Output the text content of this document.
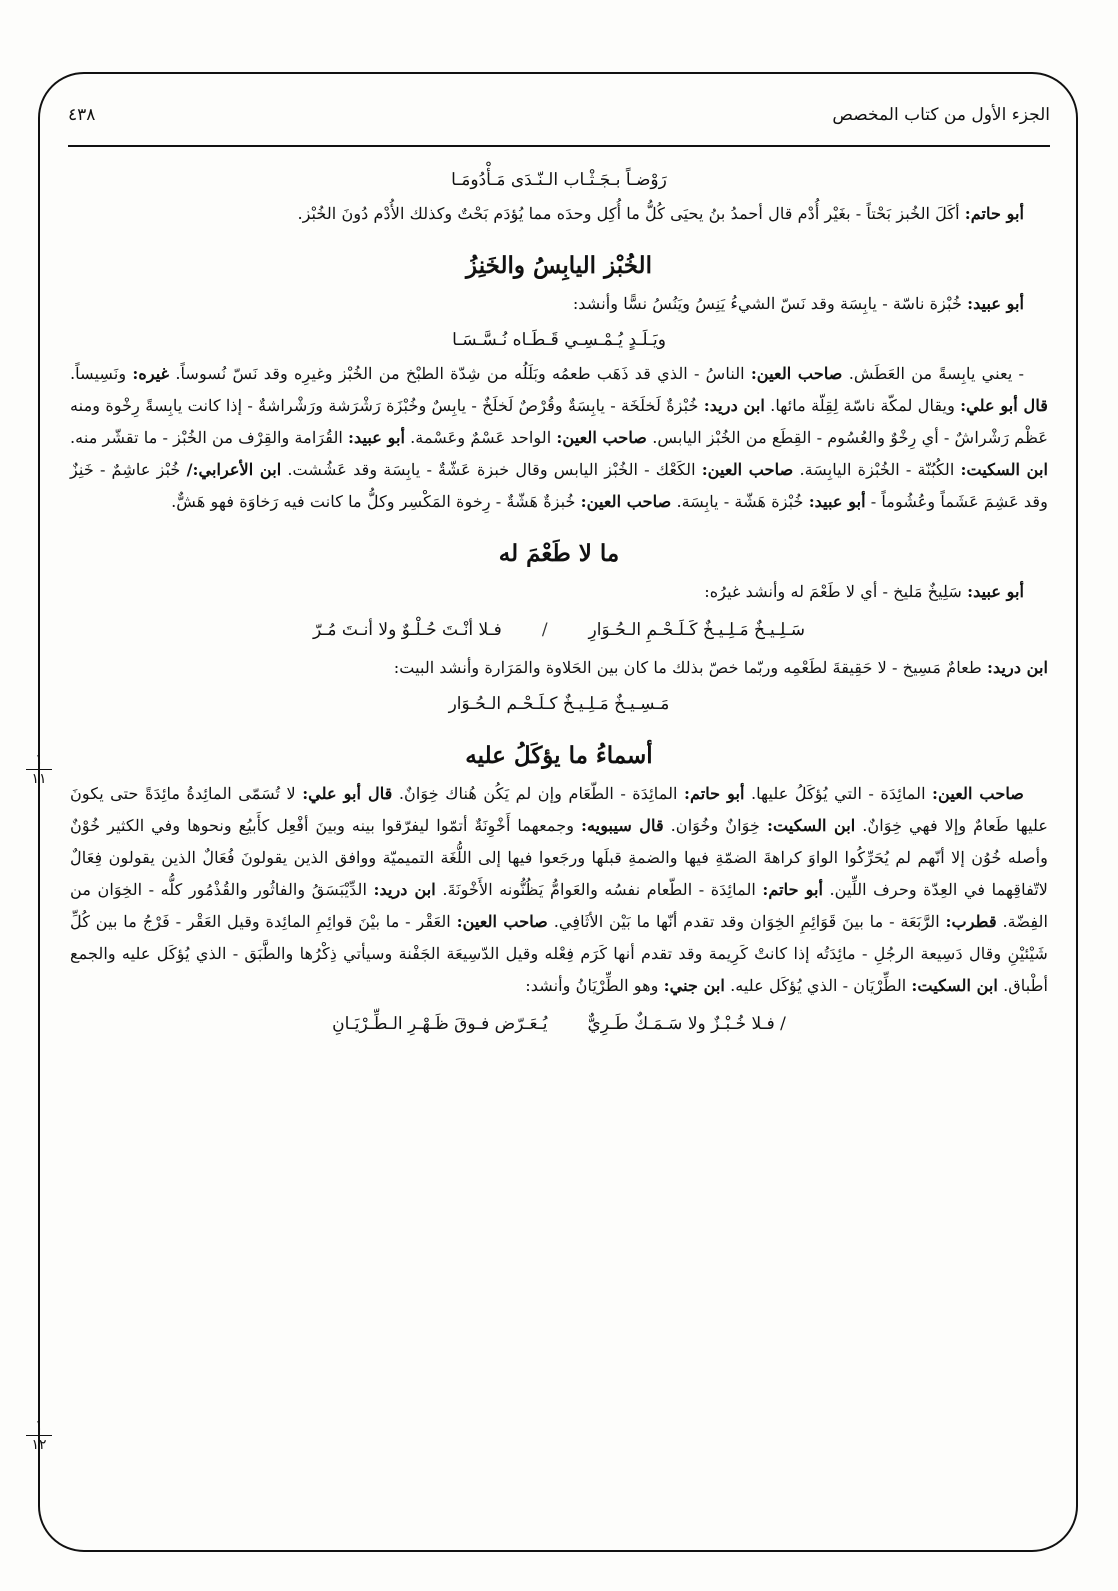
الجزء الأول من كتاب المخصص
٤٣٨
رَوْضـاً بـجَـثْـاب الـنّـدَى مَـأْدُومَـا

أبو حاتم: أكَلَ الخُبز بَحْتاً - بغَيْر أُدْم قال أحمدُ بنُ يحيَى كُلُّ ما أُكِل وحدَه مما يُؤدَم بَحْتٌ وكذلك الأُدْم دُونَ الخُبْز.

الخُبْز اليابِسُ والخَنِزُ

أبو عبيد: خُبْزة ناسّة - يابِسَة وقد نَسّ الشيءُ يَنِسُ ويَنُسُ نسًّا وأنشد:

ويَـلَـدٍ يُـمْـسِـي قَـطَـاه نُـسَّـسَـا

- يعني يابِسةً من العَطَش. صاحب العين: الناسُ - الذي قد ذَهَب طعمُه وبَلَلُه من شِدّة الطبْخ من الخُبْز وغيرِه وقد نَسّ نُسوساً. غيره: ونَسِيساً. قال أبو علي: ويقال لمكّة ناسّة لِقِلّة مائها. ابن دريد: خُبْزةٌ لَخلَخَة - يابِسَةٌ وقُرْصٌ لَخلَخٌ - يابِسٌ وخُبْزَة رَشْرَشة ورَشْراشةٌ - إذا كانت يابِسةً رِخْوة ومنه عَظْم رَشْراشٌ - أي رِخْوٌ والعُسُوم - القِطَع من الخُبْز اليابس. صاحب العين: الواحد عَسْمٌ وعَسْمة. أبو عبيد: القُرَامة والقِرْف من الخُبْز - ما تقشّر منه. ابن السكيت: الكُبُنّة - الخُبْزة اليابِسَة. صاحب العين: الكَعْك - الخُبْز اليابس وقال خبزة عَشّةٌ - يابِسَة وقد عَشُشت. ابن الأعرابي:/ خُبْز عاشِمٌ - خَنِزٌ وقد عَشِمَ عَشَماً وعُشُوماً - أبو عبيد: خُبْزة هَشّة - يابِسَة. صاحب العين: خُبزةٌ هَشّةٌ - رِخوة المَكْسِر وكلُّ ما كانت فيه رَخاوَة فهو هَشٌّ.

ما لا طَعْمَ له

أبو عبيد: سَلِيخٌ مَليخ - أي لا طَعْمَ له وأنشد غيرُه:

سَـلِـيـخٌ مَـلِـيـخٌ كَـلَـحْـمِ الـحُـوَارِ
/
فـلا أنْـتَ حُـلْـوٌ ولا أنـتَ مُـرّ

ابن دريد: طعامٌ مَسِيخ - لا حَقِيقةَ لطَعْمِه وربّما خصّ بذلك ما كان بين الحَلاوة والمَرَارة وأنشد البيت:

مَـسِـيـخٌ مَـلِـيـخٌ كـلَـحْـم الـحُـوَار
أسماءُ ما يؤكَلُ عليه

صاحب العين: المائِدَة - التي يُؤكَلُ عليها. أبو حاتم: المائِدَة - الطّعَام وإن لم يَكُن هُناك خِوَانٌ. قال أبو علي: لا تُسَمّى المائِدةُ مائِدَةً حتى يكونَ عليها طَعامٌ وإلا فهي خِوَانٌ. ابن السكيت: خِوَانٌ وخُوَان. قال سيبويه: وجمعهما أَخْوِنَةٌ أتمّوا ليفرّقوا بينه وبينَ أفْعِل كأَبيُع ونحوها وفي الكثير خُوْنٌ وأصله خُوُن إلا أنّهم لم يُحَرِّكُوا الواوَ كراهةَ الضمّةِ فيها والضمةِ قبلَها ورجَعوا فيها إلى اللُّغَة التميميّة ووافق الذين يقولونَ فُعَالٌ الذين يقولون فِعَالٌ لاتّفاقِهما في العِدّة وحرف اللِّين. أبو حاتم: المائِدَة - الطّعام نفسُه والعَوامُّ يَظُنُّونه الأَخْونَةَ. ابن دريد: الدِّيْبَسَقُ والفاثُور والقُذْمُور كلُّه - الخِوَان من الفِضّة. قطرب: الرَّبَعَة - ما بينَ قَوَائِمِ الخِوَان وقد تقدم أنّها ما بَيْن الأثَافِي. صاحب العين: العَقْر - ما بيْنَ قوائِمِ المائِدة وقيل العَقْر - فَرْجُ ما بين كُلِّ شَيْئيْنِ وقال دَسِيعة الرجُلِ - مائِدَتُه إذا كانتْ كَرِيمة وقد تقدم أنها كَرَم فِعْله وقيل الدّسِيعَة الجَفْنة وسيأتي ذِكْرُها والطَّبَق - الذي يُؤكَل عليه والجمع أطْباق. ابن السكيت: الطِّرْيَان - الذي يُؤكَل عليه. ابن جني: وهو الطِّرْيَانُ وأنشد:

/ فـلا خُـبْـزٌ ولا سَـمَـكٌ طَـرِيٌّ
يُـعَـرّض فـوقَ ظَـهْـرِ الـطِّـرْيَـانِ
١
١١
١
١٢
